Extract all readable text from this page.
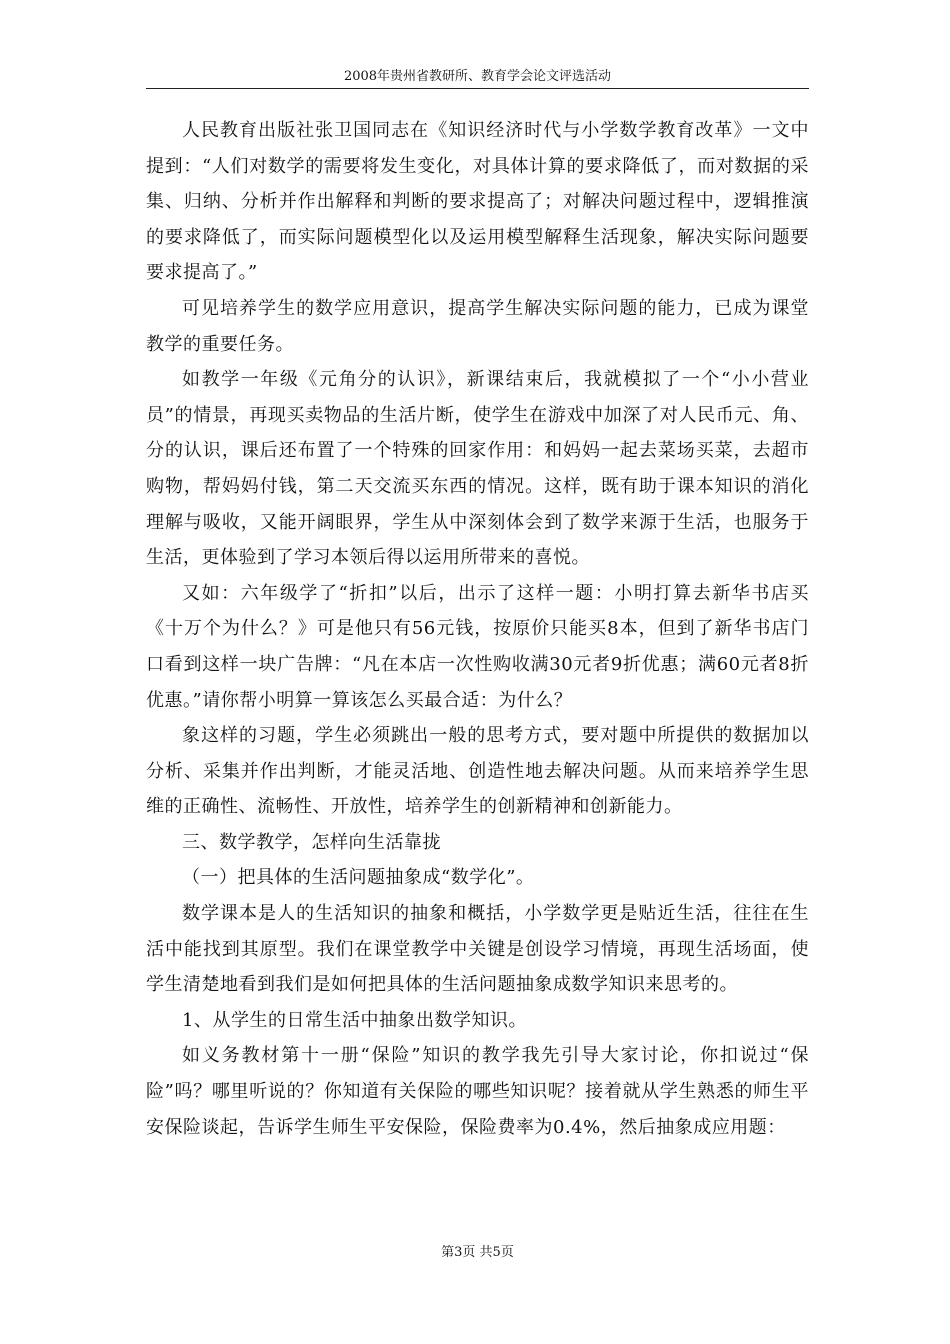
2008年贵州省教研所、教育学会论文评选活动

人民教育出版社张卫国同志在《知识经济时代与小学数学教育改革》一文中提到：“人们对数学的需要将发生变化，对具体计算的要求降低了，而对数据的采集、归纳、分析并作出解释和判断的要求提高了；对解决问题过程中，逻辑推演的要求降低了，而实际问题模型化以及运用模型解释生活现象，解决实际问题要要求提高了。”

可见培养学生的数学应用意识，提高学生解决实际问题的能力，已成为课堂教学的重要任务。

如教学一年级《元角分的认识》，新课结束后，我就模拟了一个“小小营业员”的情景，再现买卖物品的生活片断，使学生在游戏中加深了对人民币元、角、分的认识，课后还布置了一个特殊的回家作用：和妈妈一起去菜场买菜，去超市购物，帮妈妈付钱，第二天交流买东西的情况。这样，既有助于课本知识的消化理解与吸收，又能开阔眼界，学生从中深刻体会到了数学来源于生活，也服务于生活，更体验到了学习本领后得以运用所带来的喜悦。

又如：六年级学了“折扣”以后，出示了这样一题：小明打算去新华书店买《十万个为什么？》可是他只有56元钱，按原价只能买8本，但到了新华书店门口看到这样一块广告牌：“凡在本店一次性购收满30元者9折优惠；满60元者8折优惠。”请你帮小明算一算该怎么买最合适：为什么？

象这样的习题，学生必须跳出一般的思考方式，要对题中所提供的数据加以分析、采集并作出判断，才能灵活地、创造性地去解决问题。从而来培养学生思维的正确性、流畅性、开放性，培养学生的创新精神和创新能力。

三、数学教学，怎样向生活靠拢

（一）把具体的生活问题抽象成“数学化”。

数学课本是人的生活知识的抽象和概括，小学数学更是贴近生活，往往在生活中能找到其原型。我们在课堂教学中关键是创设学习情境，再现生活场面，使学生清楚地看到我们是如何把具体的生活问题抽象成数学知识来思考的。

1、从学生的日常生活中抽象出数学知识。

如义务教材第十一册“保险”知识的教学我先引导大家讨论，你扣说过“保险”吗？哪里听说的？你知道有关保险的哪些知识呢？接着就从学生熟悉的师生平安保险谈起，告诉学生师生平安保险，保险费率为0.4%，然后抽象成应用题：

第3页 共5页
